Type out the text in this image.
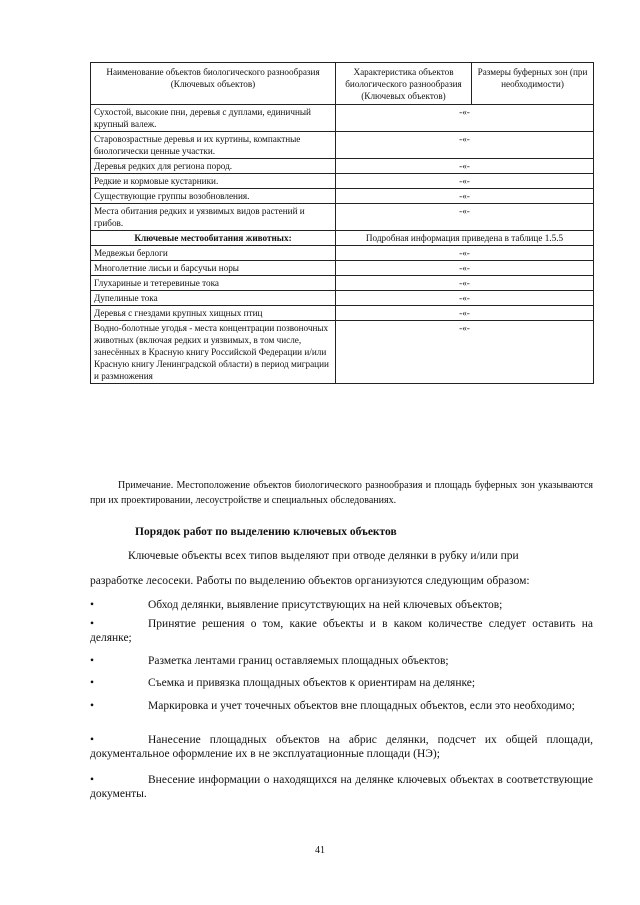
Наименование объектов биологического разнообразия (Ключевых объектов)	Характеристика объектов биологического разнообразия (Ключевых объектов)	Размеры буферных зон (при необходимости)
Сухостой, высокие пни, деревья с дуплами, единичный крупный валеж.	-«-	
Старовозрастные деревья и их куртины, компактные биологически ценные участки.	-«-	
Деревья редких для региона пород.	-«-	
Редкие и кормовые кустарники.	-«-	
Существующие группы возобновления.	-«-	
Места обитания редких и уязвимых видов растений и грибов.	-«-	
Ключевые местообитания животных:	Подробная информация приведена в таблице 1.5.5	
Медвежьи берлоги	-«-	
Многолетние лисьи и барсучьи норы	-«-	
Глухариные и тетеревиные тока	-«-	
Дупелиные тока	-«-	
Деревья с гнездами крупных хищных птиц	-«-	
Водно-болотные угодья - места концентрации позвоночных животных (включая редких и уязвимых, в том числе, занесённых в Красную книгу Российской Федерации и/или Красную книгу Ленинградской области) в период миграции и размножения	-«-	
Примечание. Местоположение объектов биологического разнообразия и площадь буферных зон указываются при их проектировании, лесоустройстве и специальных обследованиях.
Порядок работ по выделению ключевых объектов
Ключевые объекты всех типов выделяют при отводе делянки в рубку и/или при
разработке лесосеки. Работы по выделению объектов организуются следующим образом:
•	Обход делянки, выявление присутствующих на ней ключевых объектов;
•	Принятие решения о том, какие объекты и в каком количестве следует оставить на делянке;
•	Разметка лентами границ оставляемых площадных объектов;
•	Съемка и привязка площадных объектов к ориентирам на делянке;
•	Маркировка и учет точечных объектов вне площадных объектов, если это необходимо;
•	Нанесение площадных объектов на абрис делянки, подсчет их общей площади, документальное оформление их в не эксплуатационные площади (НЭ);
•	Внесение информации о находящихся на делянке ключевых объектах в соответствующие документы.
41
